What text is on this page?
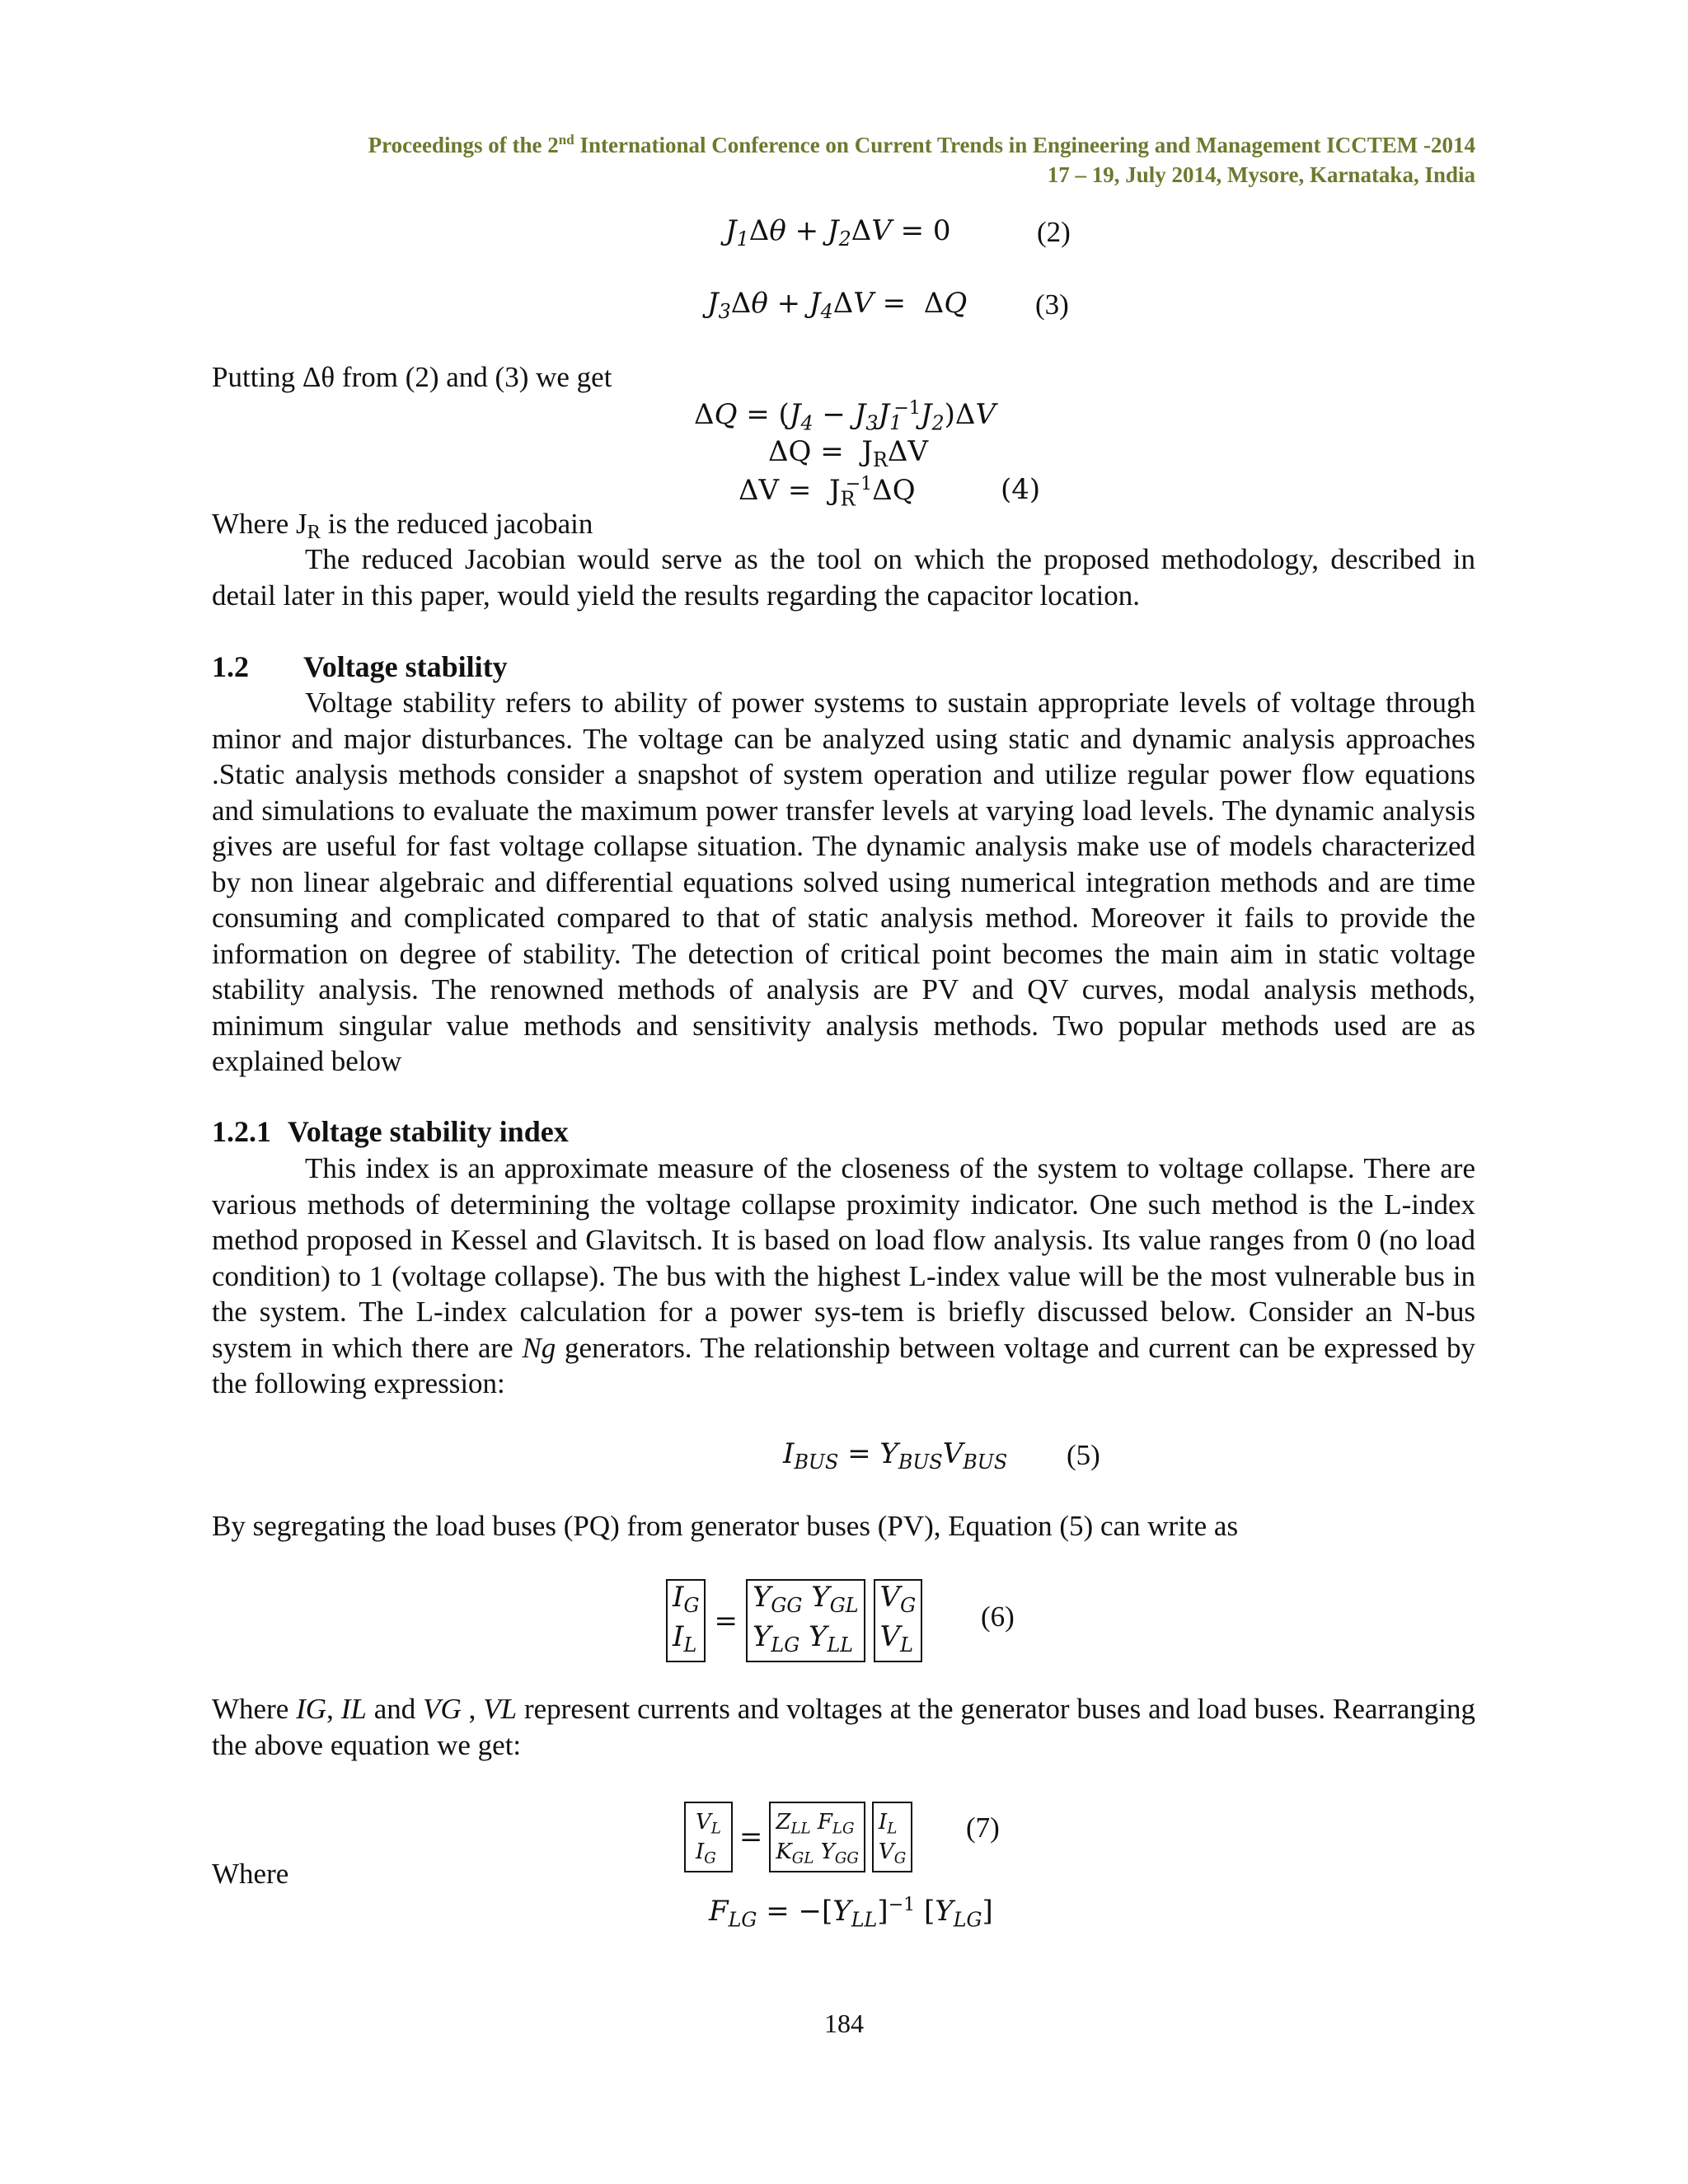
Proceedings of the 2nd International Conference on Current Trends in Engineering and Management ICCTEM -2014
17 – 19, July 2014, Mysore, Karnataka, India
$J_1\Delta\theta + J_2\Delta V = 0$	(2)
$J_3\Delta\theta + J_4\Delta V = \Delta Q$ (3)
Putting Δθ from (2) and (3) we get
$\Delta Q = (J_4 - J_3J_1^{-1}J_2)\Delta V$
$\Delta Q = J_R\Delta V$
$\Delta V = J_R^{-1}\Delta Q$	(4)
Where JR is the reduced jacobain
The reduced Jacobian would serve as the tool on which the proposed methodology, described in detail later in this paper, would yield the results regarding the capacitor location.
1.2 Voltage stability
Voltage stability refers to ability of power systems to sustain appropriate levels of voltage through minor and major disturbances. The voltage can be analyzed using static and dynamic analysis approaches .Static analysis methods consider a snapshot of system operation and utilize regular power flow equations and simulations to evaluate the maximum power transfer levels at varying load levels. The dynamic analysis gives are useful for fast voltage collapse situation. The dynamic analysis make use of models characterized by non linear algebraic and differential equations solved using numerical integration methods and are time consuming and complicated compared to that of static analysis method. Moreover it fails to provide the information on degree of stability. The detection of critical point becomes the main aim in static voltage stability analysis. The renowned methods of analysis are PV and QV curves, modal analysis methods, minimum singular value methods and sensitivity analysis methods. Two popular methods used are as explained below
1.2.1 Voltage stability index
This index is an approximate measure of the closeness of the system to voltage collapse. There are various methods of determining the voltage collapse proximity indicator. One such method is the L-index method proposed in Kessel and Glavitsch. It is based on load flow analysis. Its value ranges from 0 (no load condition) to 1 (voltage collapse). The bus with the highest L-index value will be the most vulnerable bus in the system. The L-index calculation for a power sys-tem is briefly discussed below. Consider an N-bus system in which there are Ng generators. The relationship between voltage and current can be expressed by the following expression:
$I_{BUS} = Y_{BUS}V_{BUS}$ (5)
By segregating the load buses (PQ) from generator buses (PV), Equation (5) can write as
$I_G$
$I_L$
=
$Y_{GG}$ $Y_{GL}$
$Y_{LG}$ $Y_{LL}$
$V_G$
$V_L$
(6)
Where IG, IL and VG , VL represent currents and voltages at the generator buses and load buses. Rearranging the above equation we get:
$V_L$
$I_G$
= $Z_{LL}$ $F_{LG}$
$K_{GL}$ $Y_{GG}$
$I_L$
$V_G$
(7)
Where
$F_{LG} = -[Y_{LL}]^{-1}$ $[Y_{LG}]$
184
